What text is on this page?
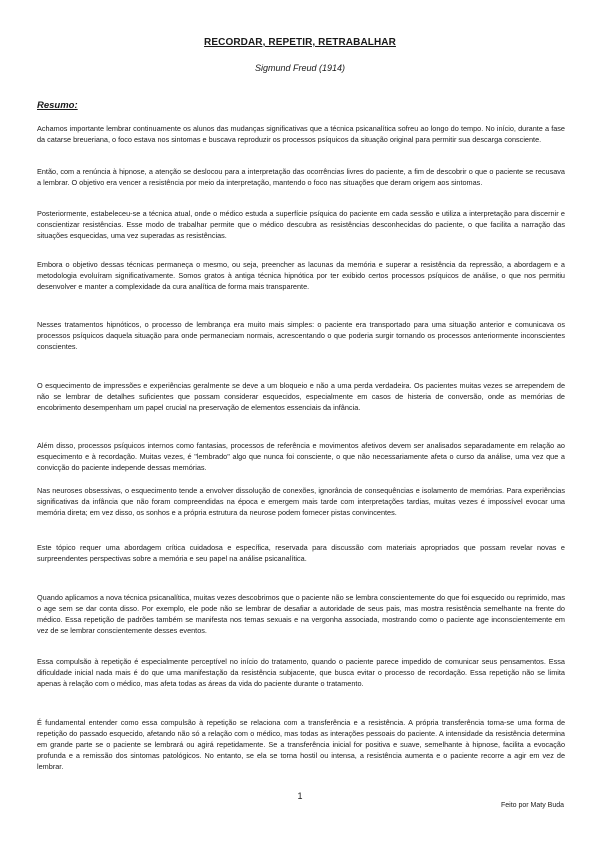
RECORDAR, REPETIR, RETRABALHAR
Sigmund Freud (1914)
Resumo:

Achamos importante lembrar continuamente os alunos das mudanças significativas que a técnica psicanalítica sofreu ao longo do tempo. No início, durante a fase da catarse breueriana, o foco estava nos sintomas e buscava reproduzir os processos psíquicos da situação original para permitir sua descarga consciente.

Então, com a renúncia à hipnose, a atenção se deslocou para a interpretação das ocorrências livres do paciente, a fim de descobrir o que o paciente se recusava a lembrar. O objetivo era vencer a resistência por meio da interpretação, mantendo o foco nas situações que deram origem aos sintomas.

Posteriormente, estabeleceu-se a técnica atual, onde o médico estuda a superfície psíquica do paciente em cada sessão e utiliza a interpretação para discernir e conscientizar resistências. Esse modo de trabalhar permite que o médico descubra as resistências desconhecidas do paciente, o que facilita a narração das situações esquecidas, uma vez superadas as resistências.

Embora o objetivo dessas técnicas permaneça o mesmo, ou seja, preencher as lacunas da memória e superar a resistência da repressão, a abordagem e a metodologia evoluíram significativamente. Somos gratos à antiga técnica hipnótica por ter exibido certos processos psíquicos de análise, o que nos permitiu desenvolver e manter a complexidade da cura analítica de forma mais transparente.

Nesses tratamentos hipnóticos, o processo de lembrança era muito mais simples: o paciente era transportado para uma situação anterior e comunicava os processos psíquicos daquela situação para onde permaneciam normais, acrescentando o que poderia surgir tornando os processos anteriormente inconscientes conscientes.

O esquecimento de impressões e experiências geralmente se deve a um bloqueio e não a uma perda verdadeira. Os pacientes muitas vezes se arrependem de não se lembrar de detalhes suficientes que possam considerar esquecidos, especialmente em casos de histeria de conversão, onde as memórias de encobrimento desempenham um papel crucial na preservação de elementos essenciais da infância.

Além disso, processos psíquicos internos como fantasias, processos de referência e movimentos afetivos devem ser analisados separadamente em relação ao esquecimento e à recordação. Muitas vezes, é "lembrado" algo que nunca foi consciente, o que não necessariamente afeta o curso da análise, uma vez que a convicção do paciente independe dessas memórias.

Nas neuroses obsessivas, o esquecimento tende a envolver dissolução de conexões, ignorância de consequências e isolamento de memórias. Para experiências significativas da infância que não foram compreendidas na época e emergem mais tarde com interpretações tardias, muitas vezes é impossível evocar uma memória direta; em vez disso, os sonhos e a própria estrutura da neurose podem fornecer pistas convincentes.

Este tópico requer uma abordagem crítica cuidadosa e específica, reservada para discussão com materiais apropriados que possam revelar novas e surpreendentes perspectivas sobre a memória e seu papel na análise psicanalítica.

Quando aplicamos a nova técnica psicanalítica, muitas vezes descobrimos que o paciente não se lembra conscientemente do que foi esquecido ou reprimido, mas o age sem se dar conta disso. Por exemplo, ele pode não se lembrar de desafiar a autoridade de seus pais, mas mostra resistência semelhante na frente do médico. Essa repetição de padrões também se manifesta nos temas sexuais e na vergonha associada, mostrando como o paciente age inconscientemente em vez de se lembrar conscientemente desses eventos.

Essa compulsão à repetição é especialmente perceptível no início do tratamento, quando o paciente parece impedido de comunicar seus pensamentos. Essa dificuldade inicial nada mais é do que uma manifestação da resistência subjacente, que busca evitar o processo de recordação. Essa repetição não se limita apenas à relação com o médico, mas afeta todas as áreas da vida do paciente durante o tratamento.

É fundamental entender como essa compulsão à repetição se relaciona com a transferência e a resistência. A própria transferência torna-se uma forma de repetição do passado esquecido, afetando não só a relação com o médico, mas todas as interações pessoais do paciente. A intensidade da resistência determina em grande parte se o paciente se lembrará ou agirá repetidamente. Se a transferência inicial for positiva e suave, semelhante à hipnose, facilita a evocação profunda e a remissão dos sintomas patológicos. No entanto, se ela se torna hostil ou intensa, a resistência aumenta e o paciente recorre a agir em vez de lembrar.

1
Feito por Maty Buda
